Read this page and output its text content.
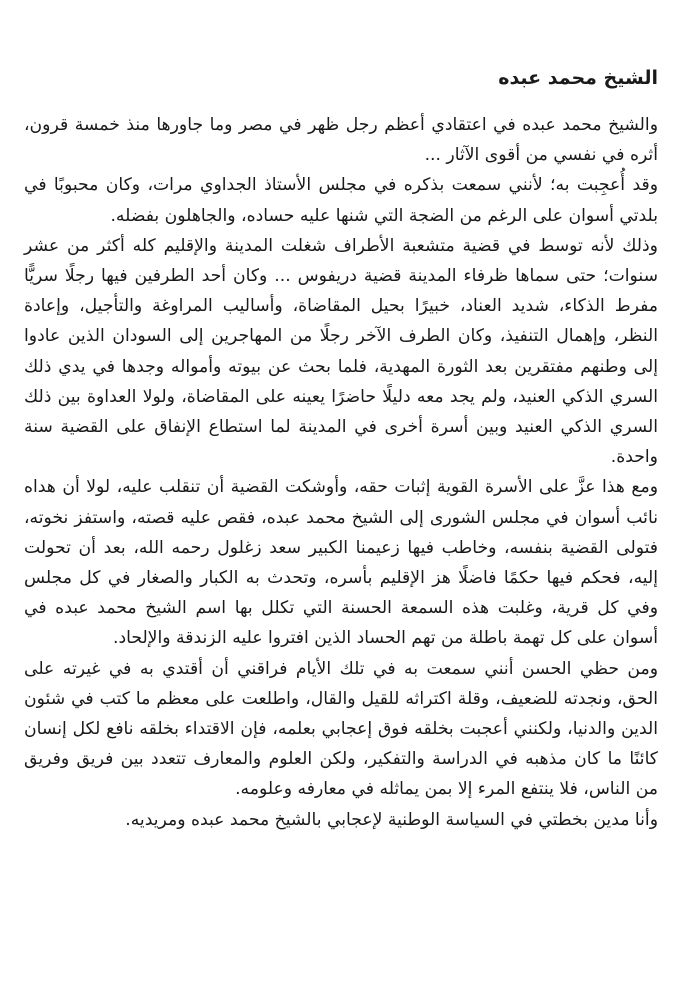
الشيخ محمد عبده

والشيخ محمد عبده في اعتقادي أعظم رجل ظهر في مصر وما جاورها منذ خمسة قرون، أثره في نفسي من أقوى الآثار ...

وقد أُعجِبت به؛ لأنني سمعت بذكره في مجلس الأستاذ الجداوي مرات، وكان محبوبًا في بلدتي أسوان على الرغم من الضجة التي شنها عليه حساده، والجاهلون بفضله.

وذلك لأنه توسط في قضية متشعبة الأطراف شغلت المدينة والإقليم كله أكثر من عشر سنوات؛ حتى سماها ظرفاء المدينة قضية دريفوس ... وكان أحد الطرفين فيها رجلًا سريًّا مفرط الذكاء، شديد العناد، خبيرًا بحيل المقاضاة، وأساليب المراوغة والتأجيل، وإعادة النظر، وإهمال التنفيذ، وكان الطرف الآخر رجلًا من المهاجرين إلى السودان الذين عادوا إلى وطنهم مفتقرين بعد الثورة المهدية، فلما بحث عن بيوته وأمواله وجدها في يدي ذلك السري الذكي العنيد، ولم يجد معه دليلًا حاضرًا يعينه على المقاضاة، ولولا العداوة بين ذلك السري الذكي العنيد وبين أسرة أخرى في المدينة لما استطاع الإنفاق على القضية سنة واحدة.

ومع هذا عزَّ على الأسرة القوية إثبات حقه، وأوشكت القضية أن تنقلب عليه، لولا أن هداه نائب أسوان في مجلس الشورى إلى الشيخ محمد عبده، فقص عليه قصته، واستفز نخوته، فتولى القضية بنفسه، وخاطب فيها زعيمنا الكبير سعد زغلول رحمه الله، بعد أن تحولت إليه، فحكم فيها حكمًا فاضلًا هز الإقليم بأسره، وتحدث به الكبار والصغار في كل مجلس وفي كل قرية، وغلبت هذه السمعة الحسنة التي تكلل بها اسم الشيخ محمد عبده في أسوان على كل تهمة باطلة من تهم الحساد الذين افتروا عليه الزندقة والإلحاد.

ومن حظي الحسن أنني سمعت به في تلك الأيام فراقني أن أقتدي به في غيرته على الحق، ونجدته للضعيف، وقلة اكتراثه للقيل والقال، واطلعت على معظم ما كتب في شئون الدين والدنيا، ولكنني أعجبت بخلقه فوق إعجابي بعلمه، فإن الاقتداء بخلقه نافع لكل إنسان كائنًا ما كان مذهبه في الدراسة والتفكير، ولكن العلوم والمعارف تتعدد بين فريق وفريق من الناس، فلا ينتفع المرء إلا بمن يماثله في معارفه وعلومه.

وأنا مدين بخطتي في السياسة الوطنية لإعجابي بالشيخ محمد عبده ومريديه.
